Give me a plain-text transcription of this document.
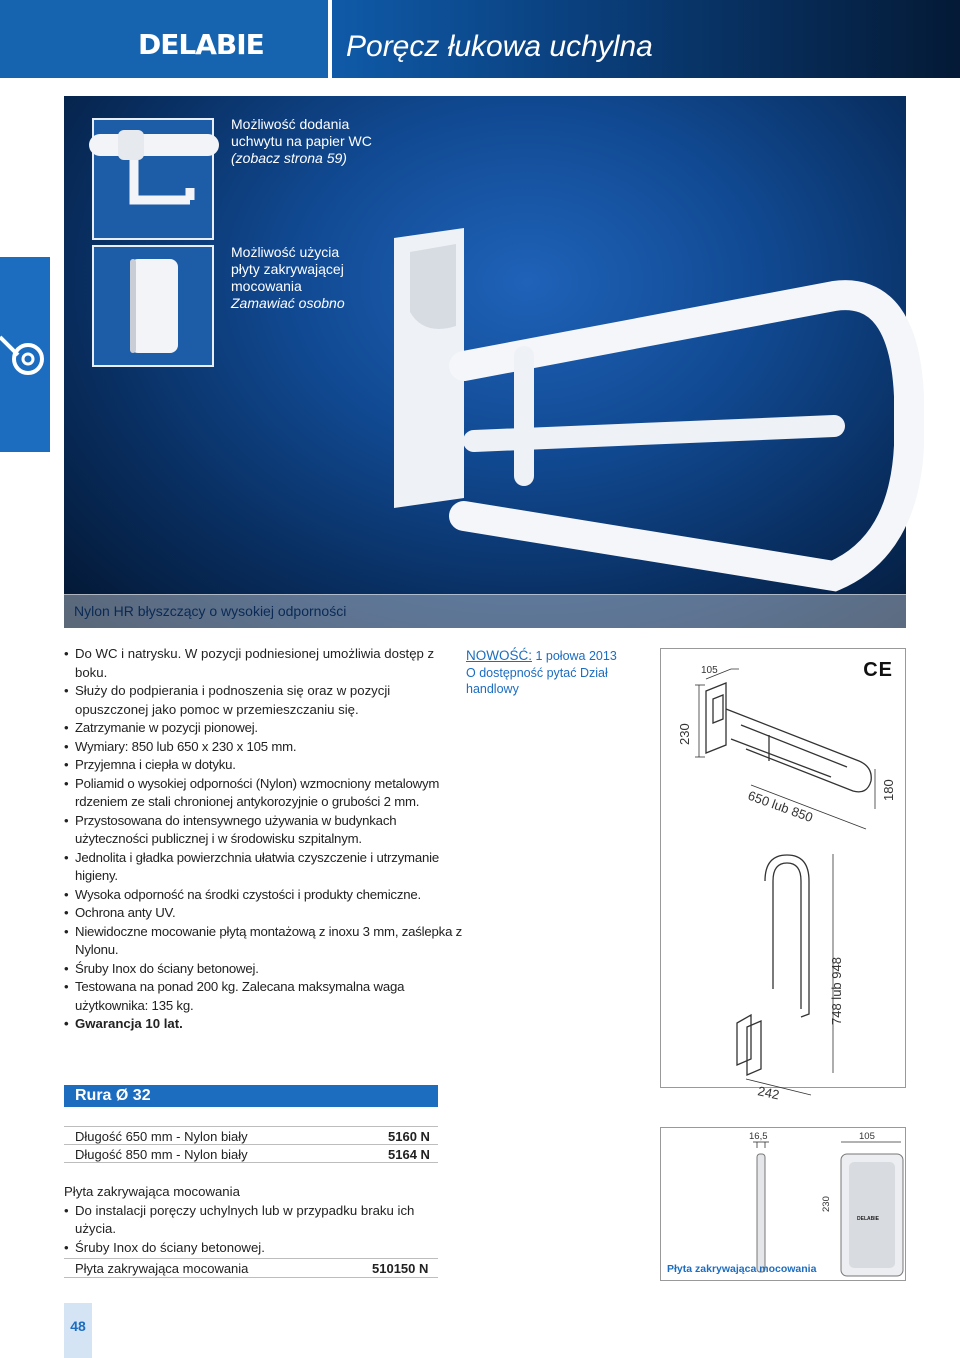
DELABIE	Poręcz łukowa uchylna
Możliwość dodania
uchwytu na papier WC
(zobacz strona 59)
Możliwość użycia
płyty zakrywającej
mocowania
Zamawiać osobno
Nylon HR błyszczący o wysokiej odporności
• Do WC i natrysku. W pozycji podniesionej umożliwia dostęp z boku.
• Służy do podpierania i podnoszenia się oraz w pozycji opuszczonej jako pomoc w przemieszczaniu się.
• Zatrzymanie w pozycji pionowej.
• Wymiary: 850 lub 650 x 230 x 105 mm.
• Przyjemna i ciepła w dotyku.
• Poliamid o wysokiej odporności (Nylon) wzmocniony metalowym rdzeniem ze stali chronionej antykorozyjnie o grubości 2 mm.
• Przystosowana do intensywnego używania w budynkach użyteczności publicznej i w środowisku szpitalnym.
• Jednolita i gładka powierzchnia ułatwia czyszczenie i utrzymanie higieny.
• Wysoka odporność na środki czystości i produkty chemiczne.
• Ochrona anty UV.
• Niewidoczne mocowanie płytą montażową z inoxu 3 mm, zaślepka z Nylonu.
• Śruby Inox do ściany betonowej.
• Testowana na ponad 200 kg. Zalecana maksymalna waga użytkownika: 135 kg.
• Gwarancja 10 lat.
NOWOŚĆ: 1 połowa 2013
O dostępność pytać Dział
handlowy
CE
105
230
650 lub 850	180
748 lub 948
242
Rura Ø 32
Długość 650 mm - Nylon biały	5160 N
Długość 850 mm - Nylon biały	5164 N
Płyta zakrywająca mocowania
• Do instalacji poręczy uchylnych lub w przypadku braku ich użycia.
• Śruby Inox do ściany betonowej.
Płyta zakrywająca mocowania	510150 N
16,5	105
230
DELABIE
Płyta zakrywająca mocowania
48
